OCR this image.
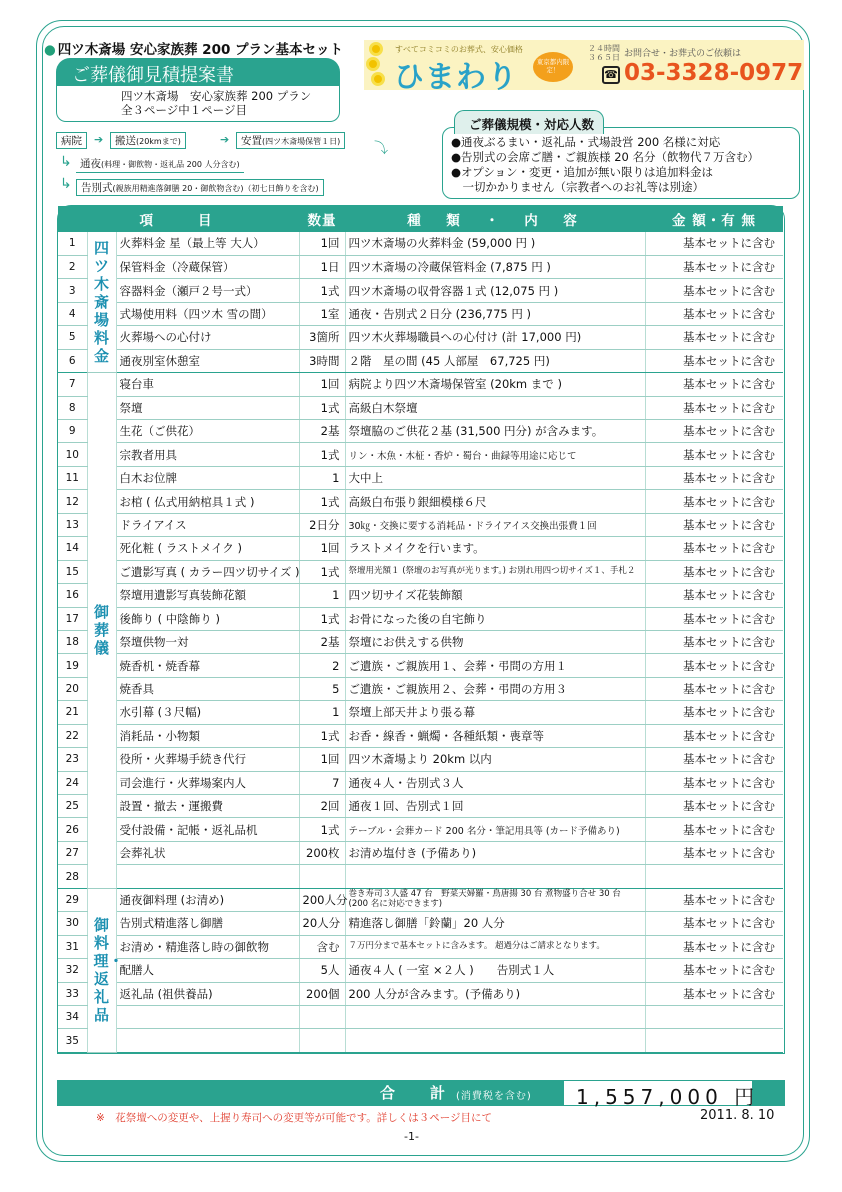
● 四ツ木斎場 安心家族葬 200 プラン基本セット
ご葬儀御見積提案書
四ツ木斎場　安心家族葬 200 プラン
全３ページ中１ページ目
すべてコミコミのお葬式、安心価格
ひまわり	東京都内限定！
２４時間
３６５日 お問合せ・お葬式のご依頼は
☎ 03-3328-0977
病院	➔	搬送(20kmまで)	➔	安置(四ツ木斎場保管１日)	⤵
↳ 通夜(料理・御飲物・返礼品 200 人分含む)
↳ 告別式(親族用精進落御膳 20・御飲物含む)（初七日飾りを含む)
●通夜ぶるまい・返礼品・式場設営 200 名様に対応
●告別式の会席ご膳・ご親族様 20 名分（飲物代７万含む）
●オプション・変更・追加が無い限りは追加料金は
　一切かかりません（宗教者へのお礼等は別途）
ご葬儀規模・対応人数
項　　目			数量	種　類　・　内　容	金 額・有 無
1	四ツ木斎場料金	火葬料金 星（最上等 大人）	1回	四ツ木斎場の火葬料金 (59,000 円 )	基本セットに含む
2		保管料金（冷蔵保管）	1日	四ツ木斎場の冷蔵保管料金 (7,875 円 )	基本セットに含む
3		容器料金（瀬戸２号一式）	1式	四ツ木斎場の収骨容器１式 (12,075 円 )	基本セットに含む
4		式場使用料（四ツ木 雪の間）	1室	通夜・告別式２日分 (236,775 円 )	基本セットに含む
5		火葬場への心付け	3箇所	四ツ木火葬場職員への心付け (計 17,000 円)	基本セットに含む
6		通夜別室休憩室	3時間	２階　星の間 (45 人部屋　67,725 円)	基本セットに含む
7	御葬儀	寝台車	1回	病院より四ツ木斎場保管室 (20km まで )	基本セットに含む
8		祭壇	1式	高級白木祭壇	基本セットに含む
9		生花（ご供花）	2基	祭壇脇のご供花２基 (31,500 円分) が含みます。	基本セットに含む
10		宗教者用具	1式	リン・木魚・木柾・香炉・蜀台・曲録等用途に応じて	基本セットに含む
11		白木お位牌	1	大中上	基本セットに含む
12		お棺 ( 仏式用納棺具１式 )	1式	高級白布張り銀細模様６尺	基本セットに含む
13		ドライアイス	2日分	30㎏・交換に要する消耗品・ドライアイス交換出張費１回	基本セットに含む
14		死化粧 ( ラストメイク )	1回	ラストメイクを行います。	基本セットに含む
15		ご遺影写真 ( カラー四ツ切サイズ )	1式	祭壇用光額１ (祭壇のお写真が光ります。) お別れ用四つ切サイズ１、手札２	基本セットに含む
16		祭壇用遺影写真装飾花額	1	四ツ切サイズ花装飾額	基本セットに含む
17		後飾り ( 中陰飾り )	1式	お骨になった後の自宅飾り	基本セットに含む
18		祭壇供物一対	2基	祭壇にお供えする供物	基本セットに含む
19		焼香机・焼香幕	2	ご遺族・ご親族用１、会葬・弔問の方用１	基本セットに含む
20		焼香具	5	ご遺族・ご親族用２、会葬・弔問の方用３	基本セットに含む
21		水引幕 (３尺幅)	1	祭壇上部天井より張る幕	基本セットに含む
22		消耗品・小物類	1式	お香・線香・蝋燭・各種紙類・喪章等	基本セットに含む
23		役所・火葬場手続き代行	1回	四ツ木斎場より 20km 以内	基本セットに含む
24		司会進行・火葬場案内人	7	通夜４人・告別式３人	基本セットに含む
25		設置・撤去・運搬費	2回	通夜１回、告別式１回	基本セットに含む
26		受付設備・記帳・返礼品机	1式	テーブル・会葬カード 200 名分・筆記用具等 (カード予備あり)	基本セットに含む
27		会葬礼状	200枚	お清め塩付き (予備あり)	基本セットに含む
28					
29	御料理・返礼品	通夜御料理 (お清め)	200人分	巻き寿司３人盛 47 台　野菜天婦羅・鳥唐揚 30 台 煮物盛り合せ 30 台 (200 名に対応できます)	基本セットに含む
30		告別式精進落し御膳	20人分	精進落し御膳「鈴蘭」20 人分	基本セットに含む
31		お清め・精進落し時の御飲物	含む	７万円分まで基本セットに含みます。 超過分はご請求となります。	基本セットに含む
32		配膳人	5人	通夜４人 ( 一室 ×２人 )　　告別式１人	基本セットに含む
33		返礼品 (祖供養品)	200個	200 人分が含みます。(予備あり)	基本セットに含む
34					
35					
合　計 (消費税を含む)	1,557,000 円
※　花祭壇への変更や、上握り寿司への変更等が可能です。詳しくは３ページ目にて	2011. 8. 10
-1-
